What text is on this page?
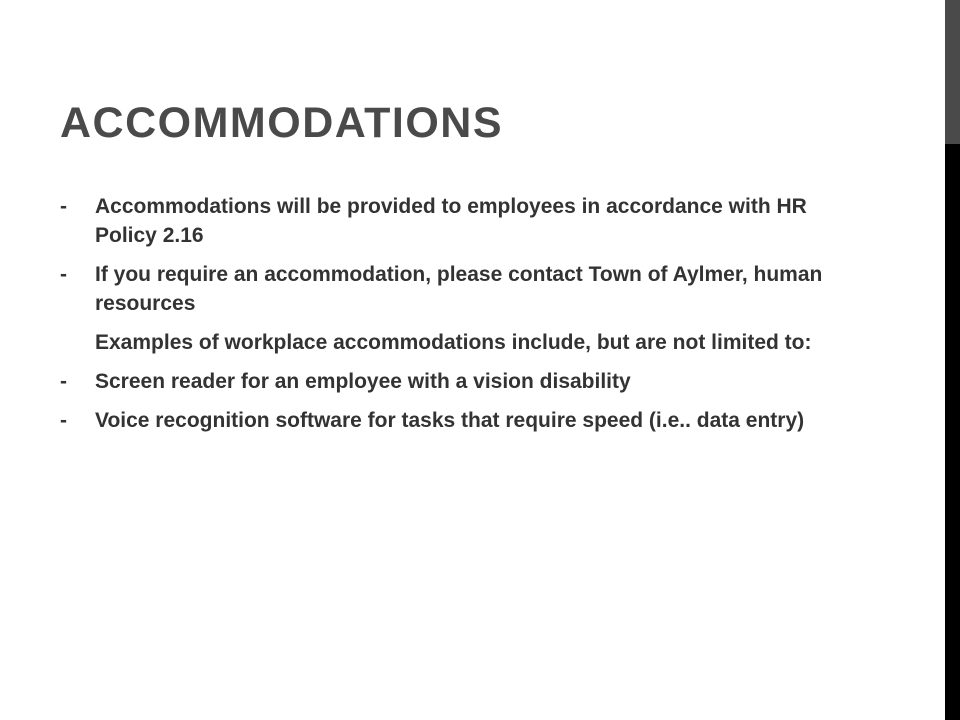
ACCOMMODATIONS
-	Accommodations will be provided to employees in accordance with HR Policy 2.16
-	If you require an accommodation, please contact Town of Aylmer, human resources
Examples of workplace accommodations include, but are not limited to:
-	Screen reader for an employee with a vision disability
-	Voice recognition software for tasks that require speed (i.e.. data entry)
